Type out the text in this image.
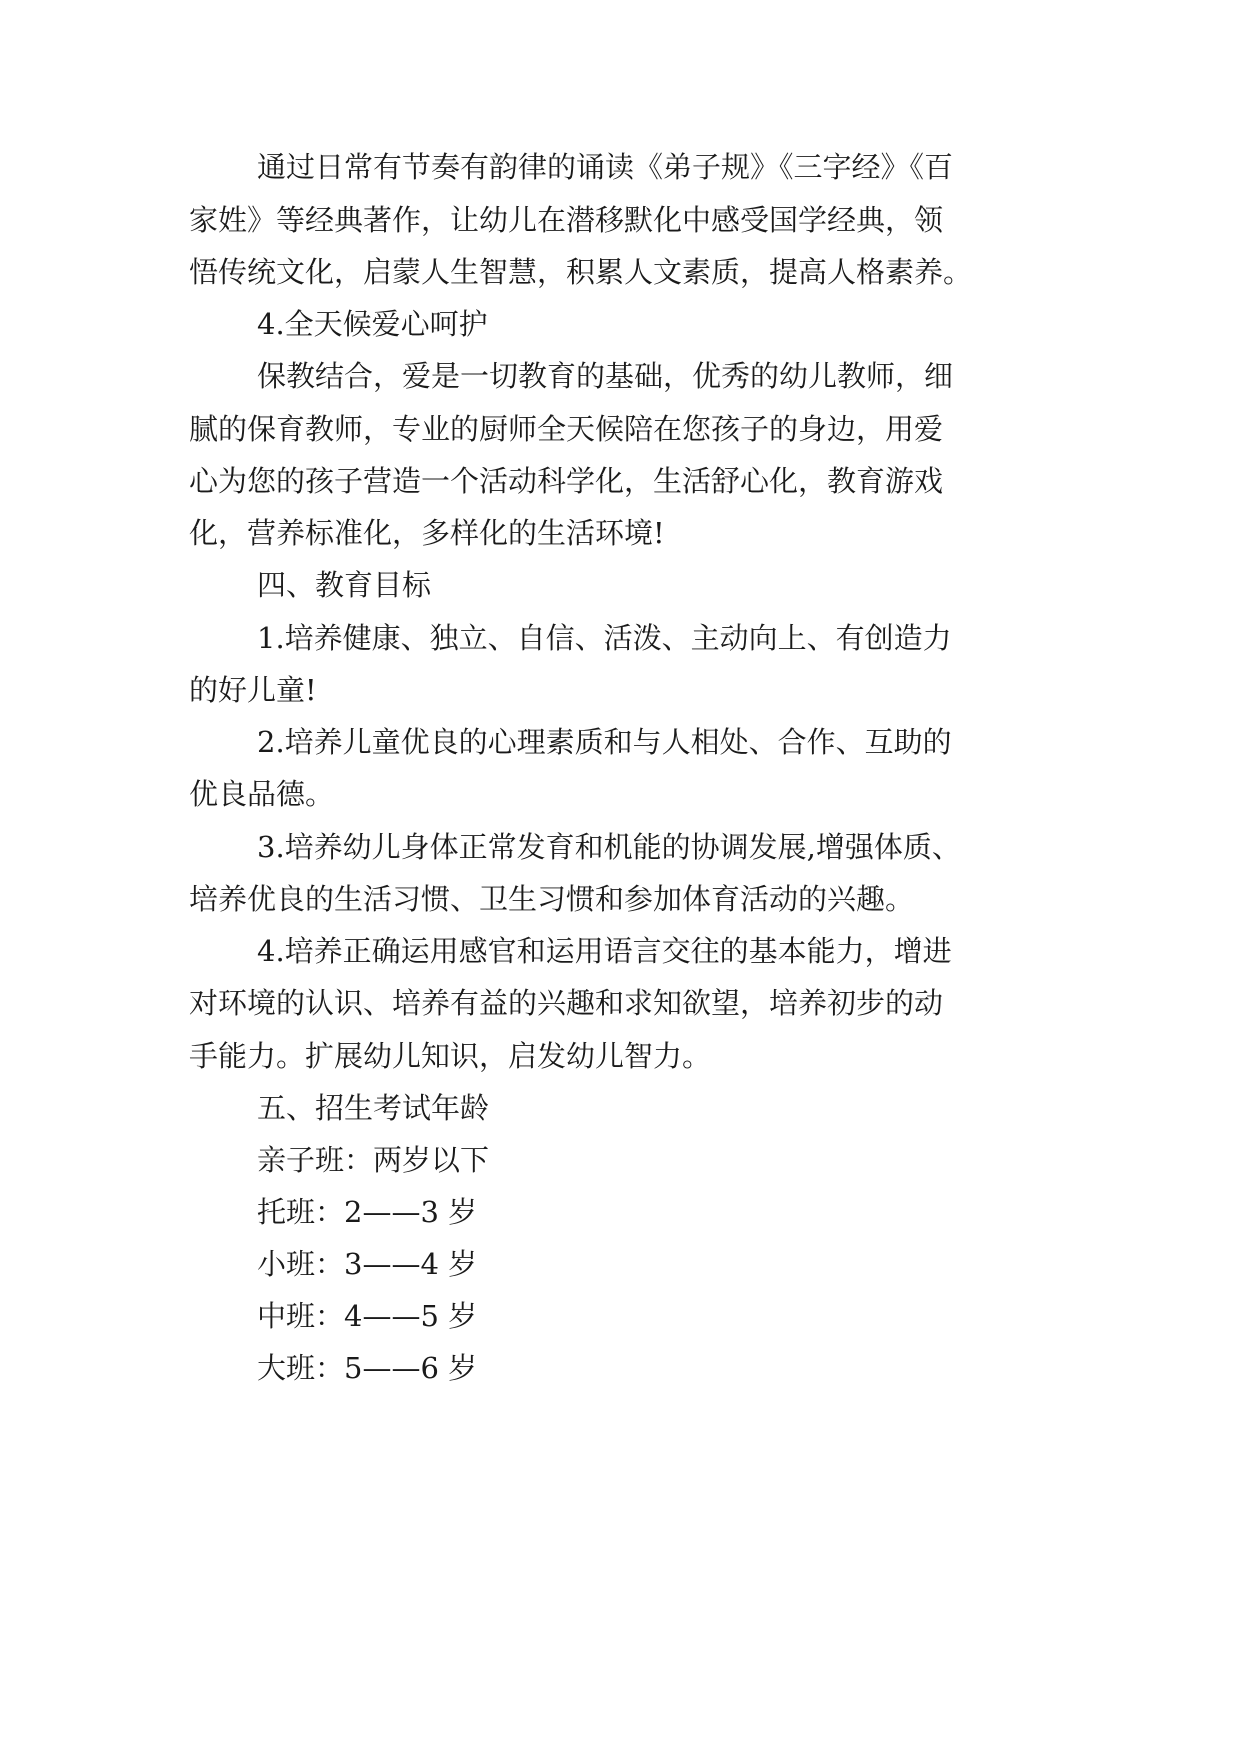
通过日常有节奏有韵律的诵读《弟子规》《三字经》《百
家姓》等经典著作，让幼儿在潜移默化中感受国学经典，领
悟传统文化，启蒙人生智慧，积累人文素质，提高人格素养。
4.全天候爱心呵护
保教结合，爱是一切教育的基础，优秀的幼儿教师，细
腻的保育教师，专业的厨师全天候陪在您孩子的身边，用爱
心为您的孩子营造一个活动科学化，生活舒心化，教育游戏
化，营养标准化，多样化的生活环境!
四、教育目标
1.培养健康、独立、自信、活泼、主动向上、有创造力
的好儿童!
2.培养儿童优良的心理素质和与人相处、合作、互助的
优良品德。
3.培养幼儿身体正常发育和机能的协调发展,增强体质、
培养优良的生活习惯、卫生习惯和参加体育活动的兴趣。
4.培养正确运用感官和运用语言交往的基本能力，增进
对环境的认识、培养有益的兴趣和求知欲望，培养初步的动
手能力。扩展幼儿知识，启发幼儿智力。
五、招生考试年龄
亲子班：两岁以下
托班：2——3 岁
小班：3——4 岁
中班：4——5 岁
大班：5——6 岁
